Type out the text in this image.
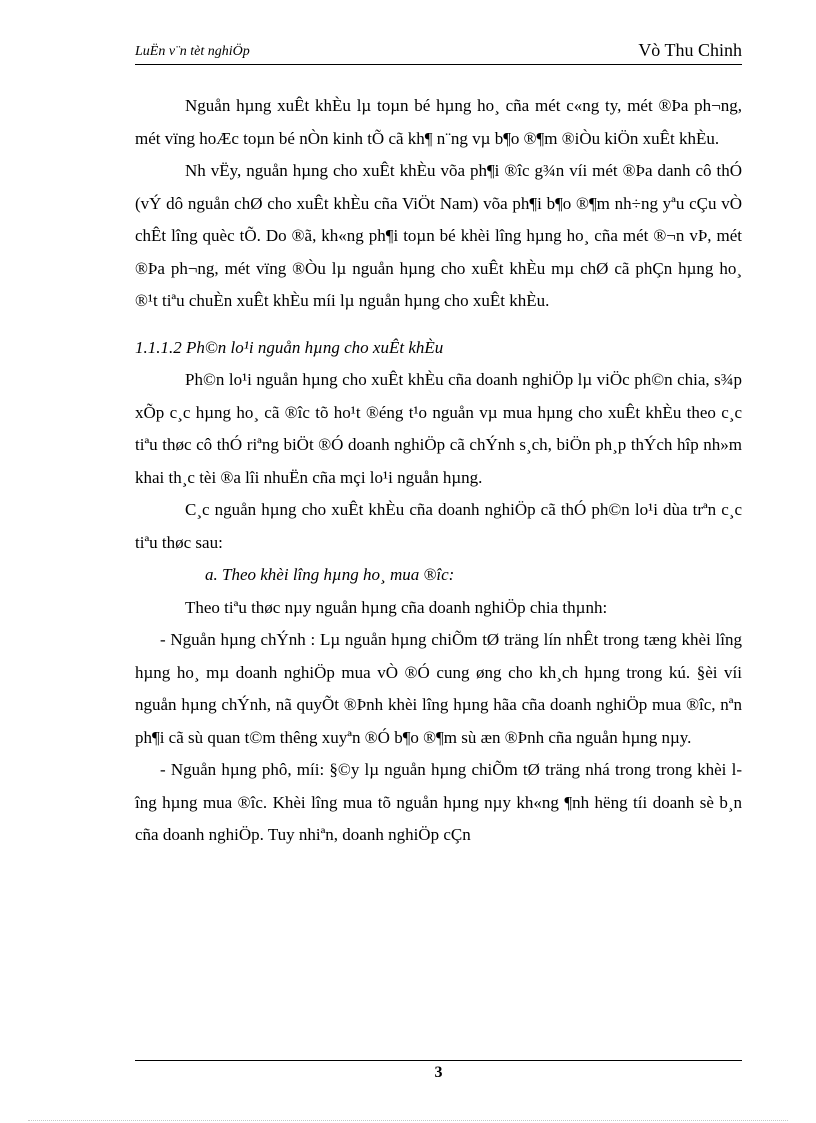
LuËn v¨n tèt nghiÖp	Vò Thu Chinh

Nguån hµng xuÊt khÈu lµ toµn bé hµng ho¸ cña mét c«ng ty, mét ®Þa ph¬ng, mét vïng hoÆc toµn bé nÒn kinh tÕ cã kh¶ n¨ng vµ b¶o ®¶m ®iÒu kiÖn xuÊt khÈu.

Nh vËy, nguån hµng cho xuÊt khÈu võa ph¶i ®îc g¾n víi mét ®Þa danh cô thÓ (vÝ dô nguån chØ cho xuÊt khÈu cña ViÖt Nam) võa ph¶i b¶o ®¶m nh÷ng yªu cÇu vÒ chÊt lîng quèc tÕ. Do ®ã, kh«ng ph¶i toµn bé khèi lîng hµng ho¸ cña mét ®¬n vÞ, mét ®Þa ph¬ng, mét vïng ®Òu lµ nguån hµng cho xuÊt khÈu mµ chØ cã phÇn hµng ho¸ ®¹t tiªu chuÈn xuÊt khÈu míi lµ nguån hµng cho xuÊt khÈu.

1.1.1.2 Ph©n lo¹i nguån hµng cho xuÊt khÈu

Ph©n lo¹i nguån hµng cho xuÊt khÈu cña doanh nghiÖp lµ viÖc ph©n chia, s¾p xÕp c¸c hµng ho¸ cã ®îc tõ ho¹t ®éng t¹o nguån vµ mua hµng cho xuÊt khÈu theo c¸c tiªu thøc cô thÓ riªng biÖt ®Ó doanh nghiÖp cã chÝnh s¸ch, biÖn ph¸p thÝch hîp nh»m khai th¸c tèi ®a lîi nhuËn cña mçi lo¹i nguån hµng.

C¸c nguån hµng cho xuÊt khÈu cña doanh nghiÖp cã thÓ ph©n lo¹i dùa trªn c¸c tiªu thøc sau:

a. Theo khèi lîng hµng ho¸ mua ®îc:

Theo tiªu thøc nµy nguån hµng cña doanh nghiÖp chia thµnh:

- Nguån hµng chÝnh : Lµ nguån hµng chiÕm tØ träng lín nhÊt trong tæng khèi lîng hµng ho¸ mµ doanh nghiÖp mua vÒ ®Ó cung øng cho kh¸ch hµng trong kú. §èi víi nguån hµng chÝnh, nã quyÕt ®Þnh khèi lîng hµng hãa cña doanh nghiÖp mua ®îc, nªn ph¶i cã sù quan t©m thêng xuyªn ®Ó b¶o ®¶m sù æn ®Þnh cña nguån hµng nµy.

- Nguån hµng phô, míi: §©y lµ nguån hµng chiÕm tØ träng nhá trong trong khèi lîng hµng mua ®îc. Khèi lîng mua tõ nguån hµng nµy kh«ng ¶nh hëng tíi doanh sè b¸n cña doanh nghiÖp. Tuy nhiªn, doanh nghiÖp cÇn

3
